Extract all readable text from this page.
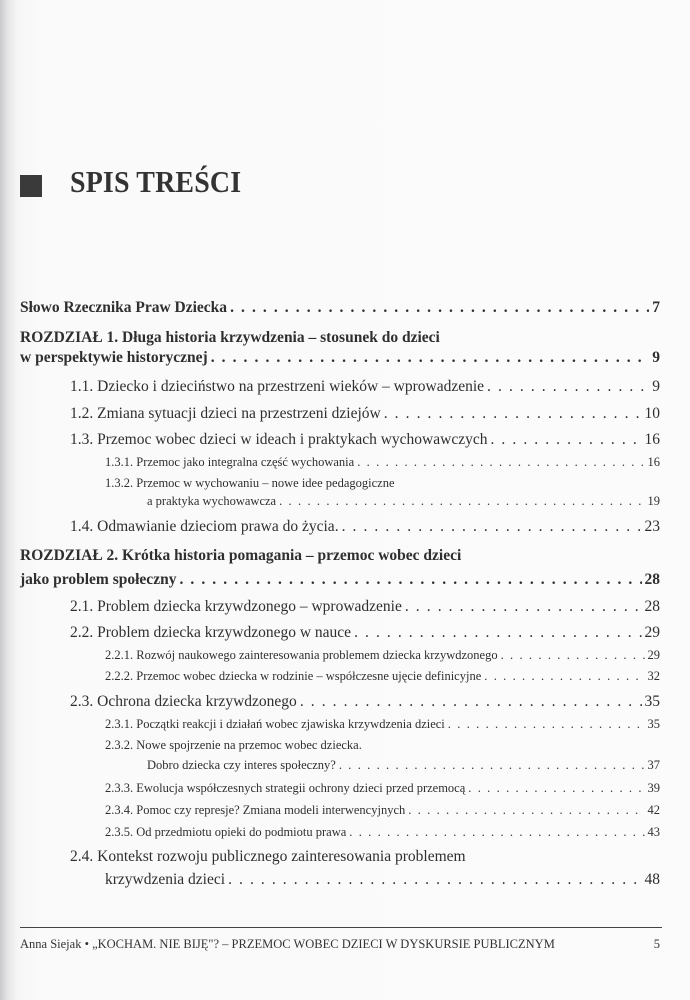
SPIS TREŚCI
Słowo Rzecznika Praw Dziecka . . .	7
ROZDZIAŁ 1. Długa historia krzywdzenia – stosunek do dzieci
w perspektywie historycznej . . .	9
1.1. Dziecko i dzieciństwo na przestrzeni wieków – wprowadzenie . . .	9
1.2. Zmiana sytuacji dzieci na przestrzeni dziejów . . .	10
1.3. Przemoc wobec dzieci w ideach i praktykach wychowawczych . . .	16
1.3.1. Przemoc jako integralna część wychowania . . .	16
1.3.2. Przemoc w wychowaniu – nowe idee pedagogiczne
a praktyka wychowawcza . . .	19
1.4. Odmawianie dzieciom prawa do życia. . . .	23
ROZDZIAŁ 2. Krótka historia pomagania – przemoc wobec dzieci
jako problem społeczny . . .	28
2.1. Problem dziecka krzywdzonego – wprowadzenie . . .	28
2.2. Problem dziecka krzywdzonego w nauce . . .	29
2.2.1. Rozwój naukowego zainteresowania problemem dziecka krzywdzonego . . .	29
2.2.2. Przemoc wobec dziecka w rodzinie – współczesne ujęcie definicyjne . . .	32
2.3. Ochrona dziecka krzywdzonego . . .	35
2.3.1. Początki reakcji i działań wobec zjawiska krzywdzenia dzieci . . .	35
2.3.2. Nowe spojrzenie na przemoc wobec dziecka.
Dobro dziecka czy interes społeczny? . . .	37
2.3.3. Ewolucja współczesnych strategii ochrony dzieci przed przemocą . . .	39
2.3.4. Pomoc czy represje? Zmiana modeli interwencyjnych . . .	42
2.3.5. Od przedmiotu opieki do podmiotu prawa . . .	43
2.4. Kontekst rozwoju publicznego zainteresowania problemem
krzywdzenia dzieci . . .	48
Anna Siejak • „KOCHAM. NIE BIJĘ"? – PRZEMOC WOBEC DZIECI W DYSKURSIE PUBLICZNYM	5
